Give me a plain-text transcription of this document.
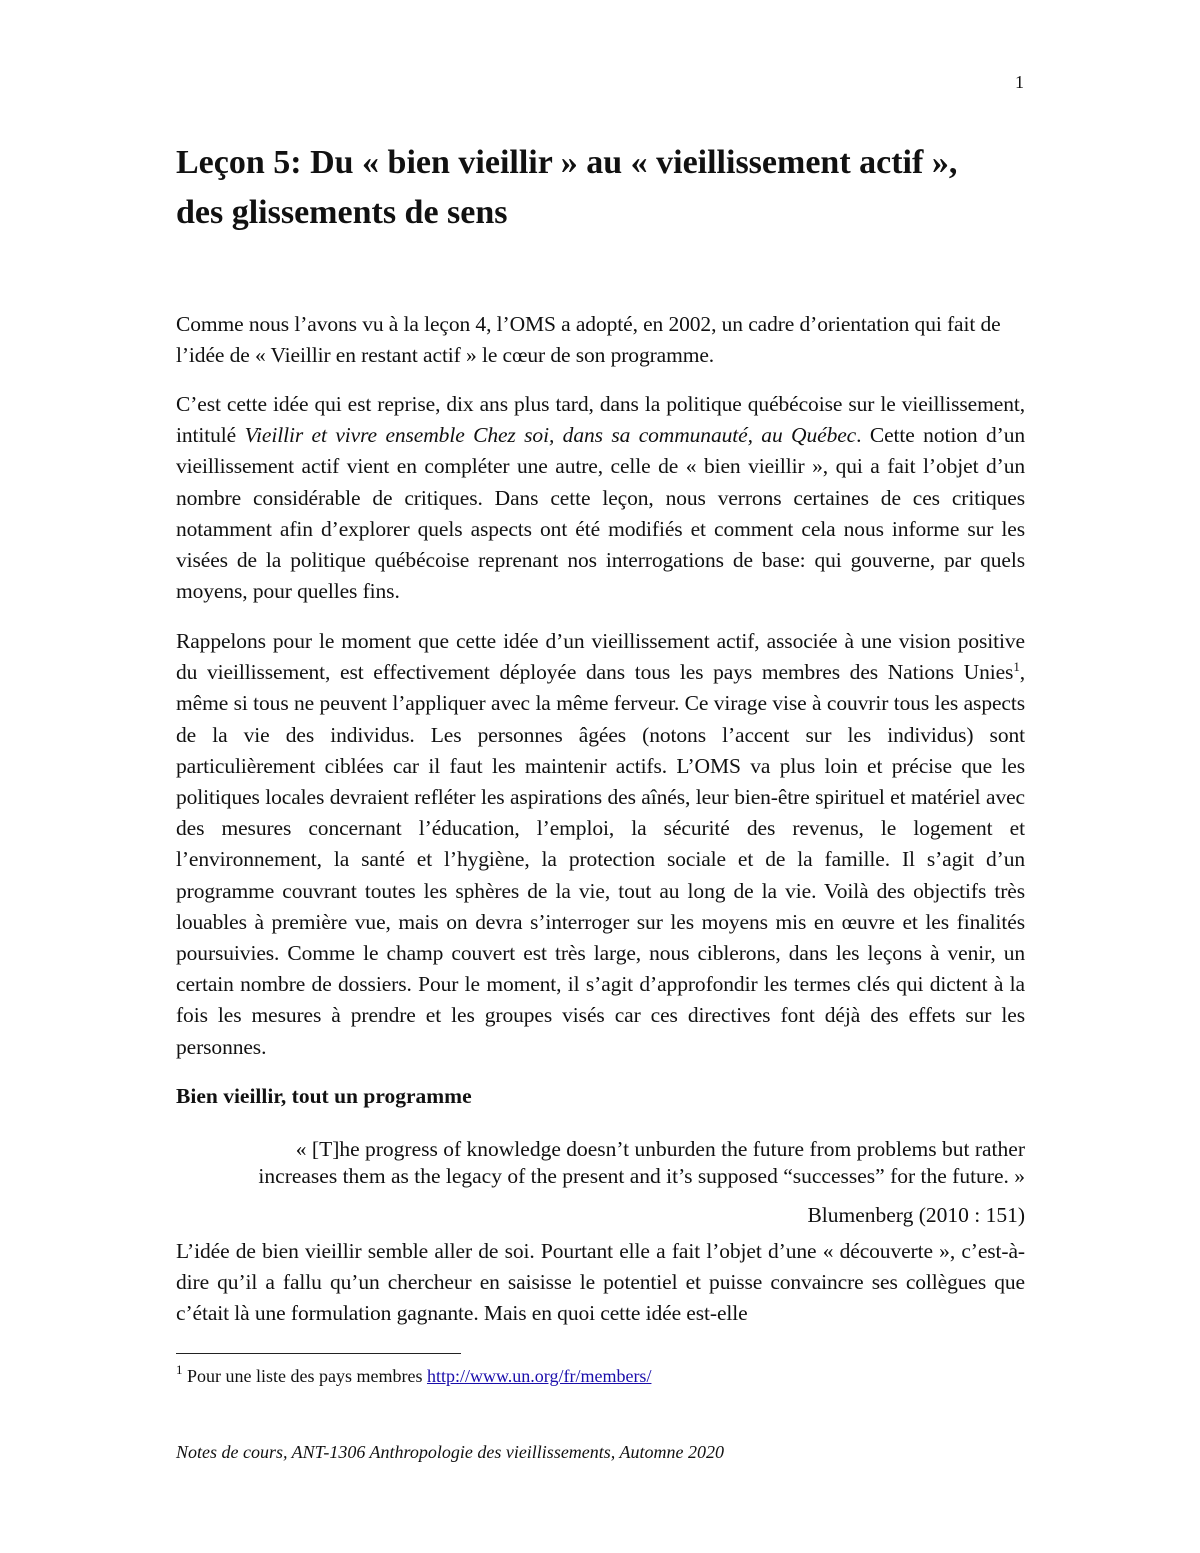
1
Leçon 5: Du « bien vieillir » au « vieillissement actif »,
des glissements de sens

Comme nous l’avons vu à la leçon 4, l’OMS a adopté, en 2002, un cadre d’orientation qui fait de l’idée de « Vieillir en restant actif » le cœur de son programme.

C’est cette idée qui est reprise, dix ans plus tard, dans la politique québécoise sur le vieillissement, intitulé Vieillir et vivre ensemble Chez soi, dans sa communauté, au Québec. Cette notion d’un vieillissement actif vient en compléter une autre, celle de « bien vieillir », qui a fait l’objet d’un nombre considérable de critiques. Dans cette leçon, nous verrons certaines de ces critiques notamment afin d’explorer quels aspects ont été modifiés et comment cela nous informe sur les visées de la politique québécoise reprenant nos interrogations de base: qui gouverne, par quels moyens, pour quelles fins.

Rappelons pour le moment que cette idée d’un vieillissement actif, associée à une vision positive du vieillissement, est effectivement déployée dans tous les pays membres des Nations Unies$^1$, même si tous ne peuvent l’appliquer avec la même ferveur. Ce virage vise à couvrir tous les aspects de la vie des individus. Les personnes âgées (notons l’accent sur les individus) sont particulièrement ciblées car il faut les maintenir actifs. L’OMS va plus loin et précise que les politiques locales devraient refléter les aspirations des aînés, leur bien-être spirituel et matériel avec des mesures concernant l’éducation, l’emploi, la sécurité des revenus, le logement et l’environnement, la santé et l’hygiène, la protection sociale et de la famille. Il s’agit d’un programme couvrant toutes les sphères de la vie, tout au long de la vie. Voilà des objectifs très louables à première vue, mais on devra s’interroger sur les moyens mis en œuvre et les finalités poursuivies. Comme le champ couvert est très large, nous ciblerons, dans les leçons à venir, un certain nombre de dossiers. Pour le moment, il s’agit d’approfondir les termes clés qui dictent à la fois les mesures à prendre et les groupes visés car ces directives font déjà des effets sur les personnes.

Bien vieillir, tout un programme

« [T]he progress of knowledge doesn’t unburden the future from problems but rather
increases them as the legacy of the present and it’s supposed “successes” for the future. »

Blumenberg (2010 : 151)

L’idée de bien vieillir semble aller de soi. Pourtant elle a fait l’objet d’une « découverte », c’est-à-dire qu’il a fallu qu’un chercheur en saisisse le potentiel et puisse convaincre ses collègues que c’était là une formulation gagnante. Mais en quoi cette idée est-elle

$^1$ Pour une liste des pays membres http://www.un.org/fr/members/

Notes de cours, ANT-1306 Anthropologie des vieillissements, Automne 2020
